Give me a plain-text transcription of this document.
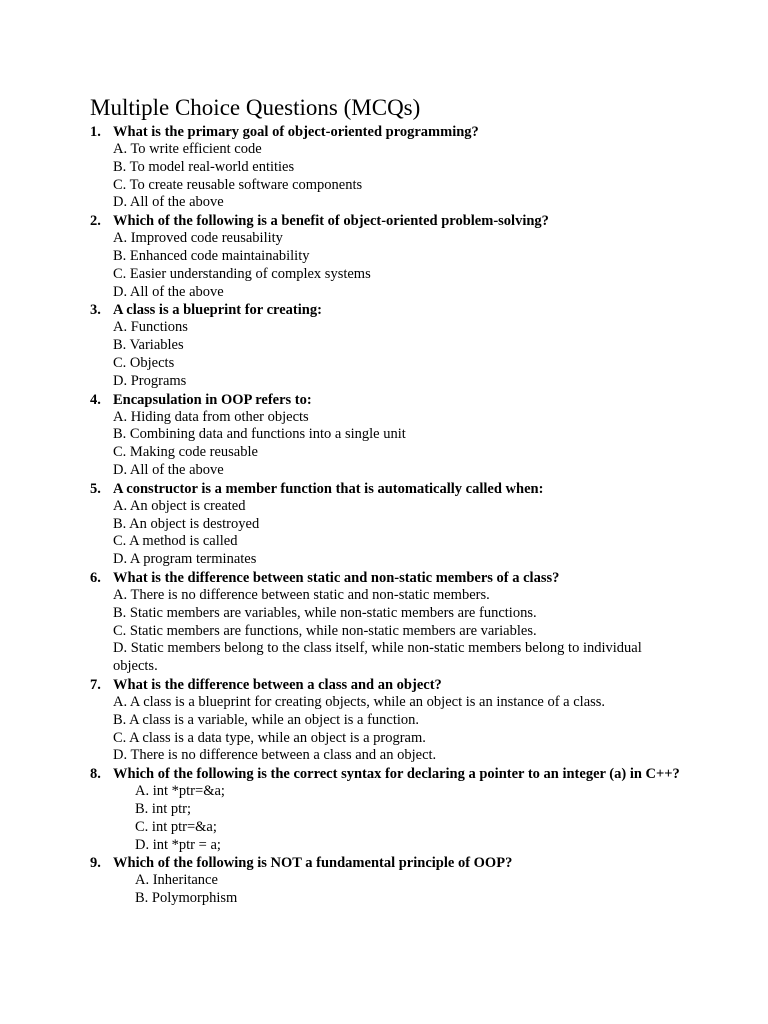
Multiple Choice Questions (MCQs)
1. What is the primary goal of object-oriented programming?
A. To write efficient code
B. To model real-world entities
C. To create reusable software components
D. All of the above
2. Which of the following is a benefit of object-oriented problem-solving?
A. Improved code reusability
B. Enhanced code maintainability
C. Easier understanding of complex systems
D. All of the above
3. A class is a blueprint for creating:
A. Functions
B. Variables
C. Objects
D. Programs
4. Encapsulation in OOP refers to:
A. Hiding data from other objects
B. Combining data and functions into a single unit
C. Making code reusable
D. All of the above
5. A constructor is a member function that is automatically called when:
A. An object is created
B. An object is destroyed
C. A method is called
D. A program terminates
6. What is the difference between static and non-static members of a class?
A. There is no difference between static and non-static members.
B. Static members are variables, while non-static members are functions.
C. Static members are functions, while non-static members are variables.
D. Static members belong to the class itself, while non-static members belong to individual objects.
7. What is the difference between a class and an object?
A. A class is a blueprint for creating objects, while an object is an instance of a class.
B. A class is a variable, while an object is a function.
C. A class is a data type, while an object is a program.
D. There is no difference between a class and an object.
8. Which of the following is the correct syntax for declaring a pointer to an integer (a) in C++?
A. int *ptr=&a;
B. int ptr;
C. int ptr=&a;
D. int *ptr = a;
9. Which of the following is NOT a fundamental principle of OOP?
A. Inheritance
B. Polymorphism
